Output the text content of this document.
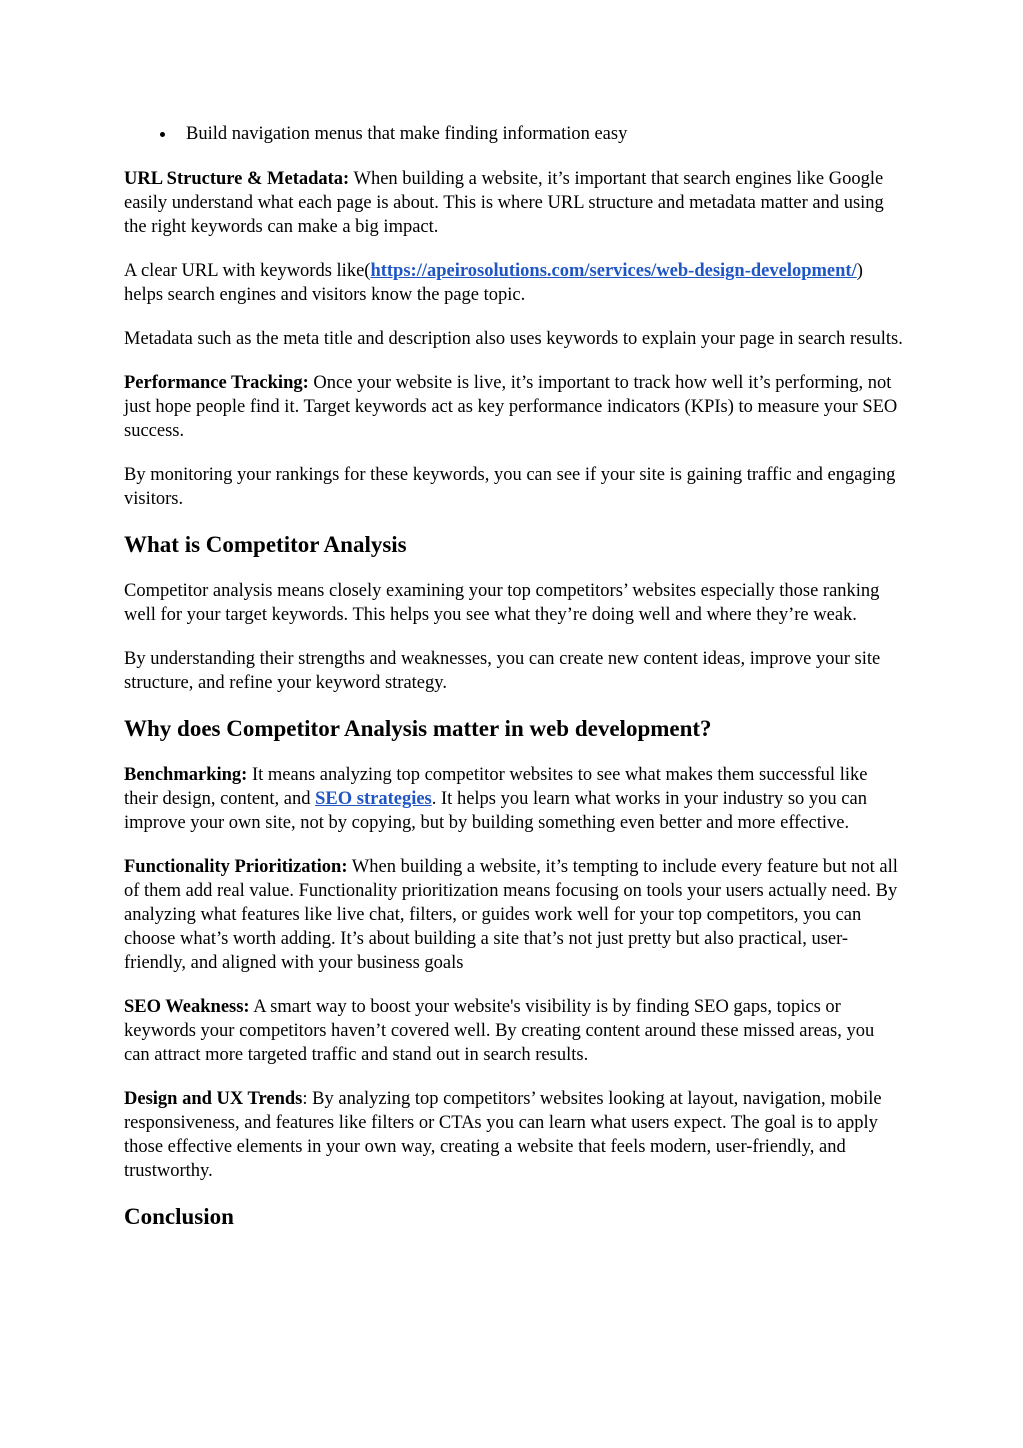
Build navigation menus that make finding information easy

URL Structure & Metadata: When building a website, it’s important that search engines like Google easily understand what each page is about. This is where URL structure and metadata matter and using the right keywords can make a big impact.

A clear URL with keywords like(https://apeirosolutions.com/services/web-design-development/) helps search engines and visitors know the page topic.

Metadata such as the meta title and description also uses keywords to explain your page in search results.

Performance Tracking: Once your website is live, it’s important to track how well it’s performing, not just hope people find it. Target keywords act as key performance indicators (KPIs) to measure your SEO success.

By monitoring your rankings for these keywords, you can see if your site is gaining traffic and engaging visitors.

What is Competitor Analysis

Competitor analysis means closely examining your top competitors’ websites especially those ranking well for your target keywords. This helps you see what they’re doing well and where they’re weak.

By understanding their strengths and weaknesses, you can create new content ideas, improve your site structure, and refine your keyword strategy.

Why does Competitor Analysis matter in web development?

Benchmarking: It means analyzing top competitor websites to see what makes them successful like their design, content, and SEO strategies. It helps you learn what works in your industry so you can improve your own site, not by copying, but by building something even better and more effective.

Functionality Prioritization: When building a website, it’s tempting to include every feature but not all of them add real value. Functionality prioritization means focusing on tools your users actually need. By analyzing what features like live chat, filters, or guides work well for your top competitors, you can choose what’s worth adding. It’s about building a site that’s not just pretty but also practical, user-friendly, and aligned with your business goals

SEO Weakness: A smart way to boost your website's visibility is by finding SEO gaps, topics or keywords your competitors haven’t covered well. By creating content around these missed areas, you can attract more targeted traffic and stand out in search results.

Design and UX Trends: By analyzing top competitors’ websites looking at layout, navigation, mobile responsiveness, and features like filters or CTAs you can learn what users expect. The goal is to apply those effective elements in your own way, creating a website that feels modern, user-friendly, and trustworthy.

Conclusion
